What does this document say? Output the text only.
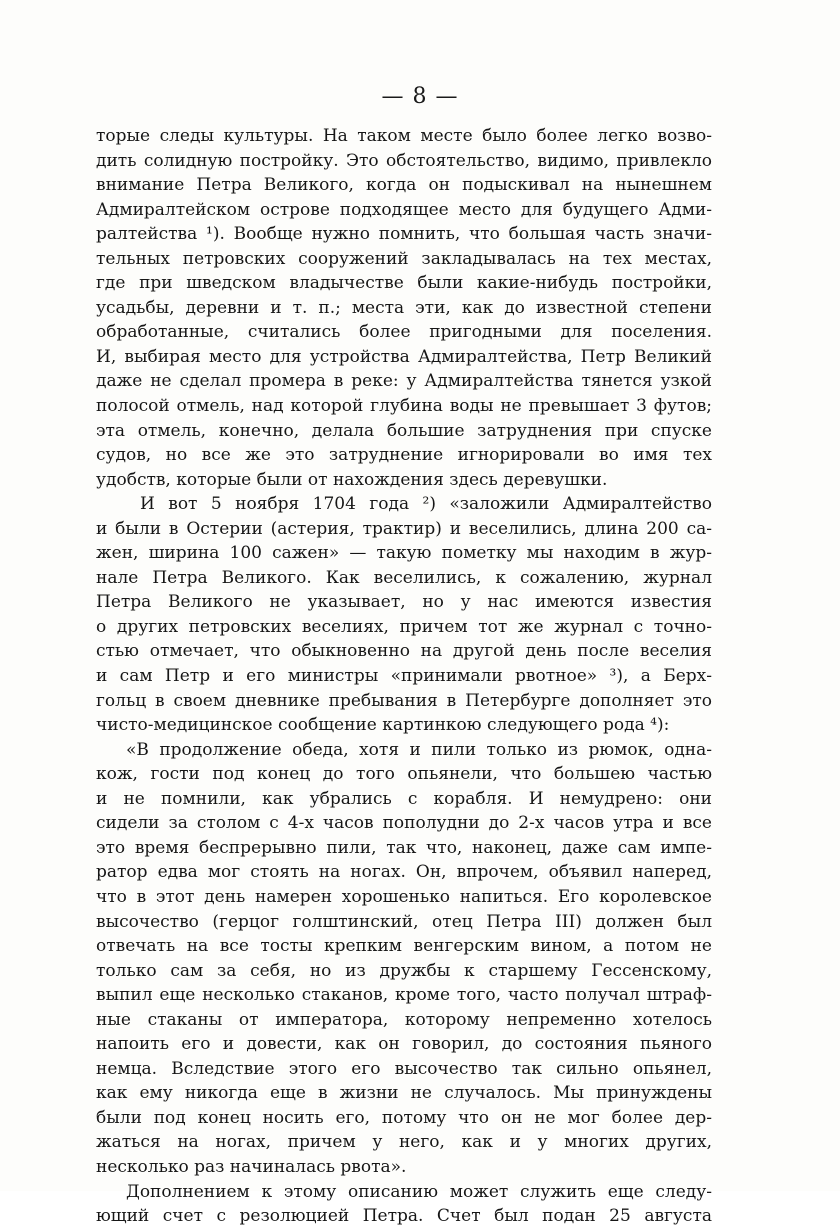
— 8 —
торые следы культуры. На таком месте было более легко возво-
дить солидную постройку. Это обстоятельство, видимо, привлекло
внимание Петра Великого, когда он подыскивал на нынешнем
Адмиралтейском острове подходящее место для будущего Адми-
ралтейства ¹). Вообще нужно помнить, что большая часть значи-
тельных петровских сооружений закладывалась на тех местах,
где при шведском владычестве были какие-нибудь постройки,
усадьбы, деревни и т. п.; места эти, как до известной степени
обработанные, считались более пригодными для поселения.
И, выбирая место для устройства Адмиралтейства, Петр Великий
даже не сделал промера в реке: у Адмиралтейства тянется узкой
полосой отмель, над которой глубина воды не превышает 3 футов;
эта отмель, конечно, делала большие затруднения при спуске
судов, но все же это затруднение игнорировали во имя тех
удобств, которые были от нахождения здесь деревушки.
И вот 5 ноября 1704 года ²) «заложили Адмиралтейство
и были в Остерии (астерия, трактир) и веселились, длина 200 са-
жен, ширина 100 сажен» — такую пометку мы находим в жур-
нале Петра Великого. Как веселились, к сожалению, журнал
Петра Великого не указывает, но у нас имеются известия
о других петровских веселиях, причем тот же журнал с точно-
стью отмечает, что обыкновенно на другой день после веселия
и сам Петр и его министры «принимали рвотное» ³), а Берх-
гольц в своем дневнике пребывания в Петербурге дополняет это
чисто-медицинское сообщение картинкою следующего рода ⁴):
«В продолжение обеда, хотя и пили только из рюмок, одна-
кож, гости под конец до того опьянели, что большею частью
и не помнили, как убрались с корабля. И немудрено: они
сидели за столом с 4-х часов пополудни до 2-х часов утра и все
это время беспрерывно пили, так что, наконец, даже сам импе-
ратор едва мог стоять на ногах. Он, впрочем, объявил наперед,
что в этот день намерен хорошенько напиться. Его королевское
высочество (герцог голштинский, отец Петра III) должен был
отвечать на все тосты крепким венгерским вином, а потом не
только сам за себя, но из дружбы к старшему Гессенскому,
выпил еще несколько стаканов, кроме того, часто получал штраф-
ные стаканы от императора, которому непременно хотелось
напоить его и довести, как он говорил, до состояния пьяного
немца. Вследствие этого его высочество так сильно опьянел,
как ему никогда еще в жизни не случалось. Мы принуждены
были под конец носить его, потому что он не мог более дер-
жаться на ногах, причем у него, как и у многих других,
несколько раз начиналась рвота».
Дополнением к этому описанию может служить еще следу-
ющий счет с резолюцией Петра. Счет был подан 25 августа
